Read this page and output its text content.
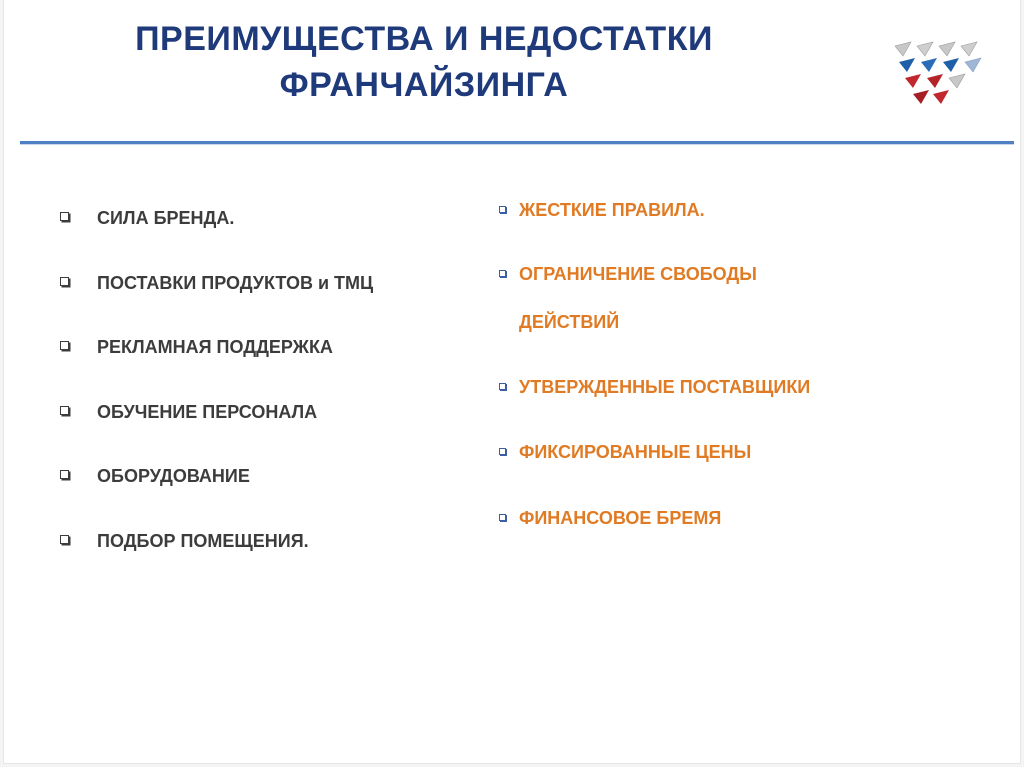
ПРЕИМУЩЕСТВА И НЕДОСТАТКИ
ФРАНЧАЙЗИНГА
СИЛА БРЕНДА.
ПОСТАВКИ ПРОДУКТОВ и ТМЦ
РЕКЛАМНАЯ ПОДДЕРЖКА
ОБУЧЕНИЕ ПЕРСОНАЛА
ОБОРУДОВАНИЕ
ПОДБОР ПОМЕЩЕНИЯ.
ЖЕСТКИЕ ПРАВИЛА.
ОГРАНИЧЕНИЕ СВОБОДЫ
ДЕЙСТВИЙ
УТВЕРЖДЕННЫЕ ПОСТАВЩИКИ
ФИКСИРОВАННЫЕ ЦЕНЫ
ФИНАНСОВОЕ БРЕМЯ
